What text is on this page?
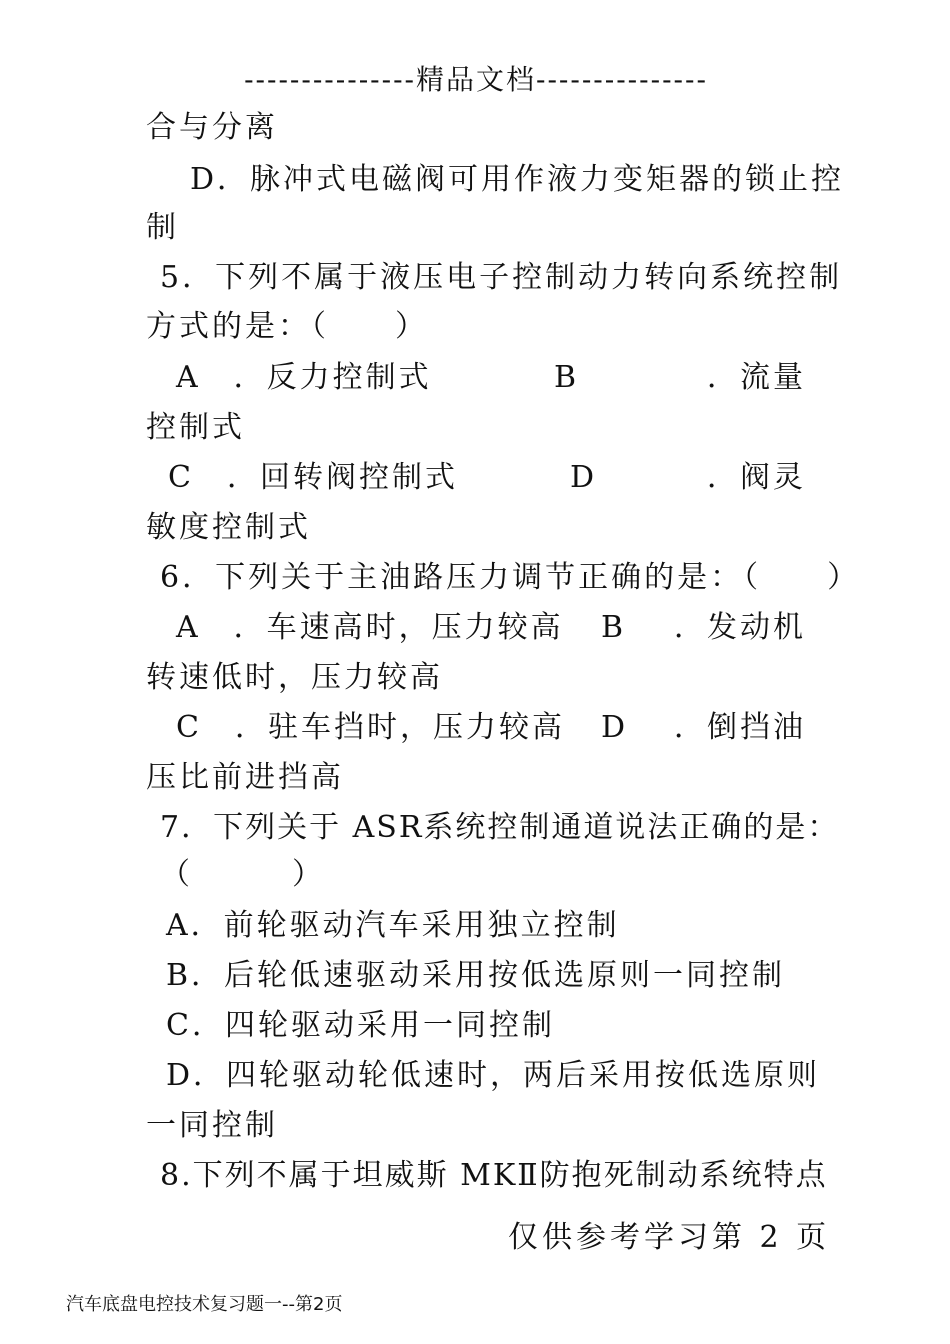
---------------精品文档---------------
合与分离
D．脉冲式电磁阀可用作液力变矩器的锁止控
制
5．下列不属于液压电子控制动力转向系统控制
方式的是：（　　）
A　．反力控制式	B	．流量
控制式
C　．回转阀控制式	D	．阀灵
敏度控制式
6．下列关于主油路压力调节正确的是：（　　）
A　．车速高时，压力较高 B ．发动机
转速低时，压力较高
C　．驻车挡时，压力较高 D ．倒挡油
压比前进挡高
7．下列关于 ASR系统控制通道说法正确的是：
（　　　）
A．前轮驱动汽车采用独立控制
B．后轮低速驱动采用按低选原则一同控制
C．四轮驱动采用一同控制
D．四轮驱动轮低速时，两后采用按低选原则
一同控制
8.下列不属于坦威斯 MKⅡ防抱死制动系统特点
仅供参考学习第 2 页
汽车底盘电控技术复习题一--第2页
